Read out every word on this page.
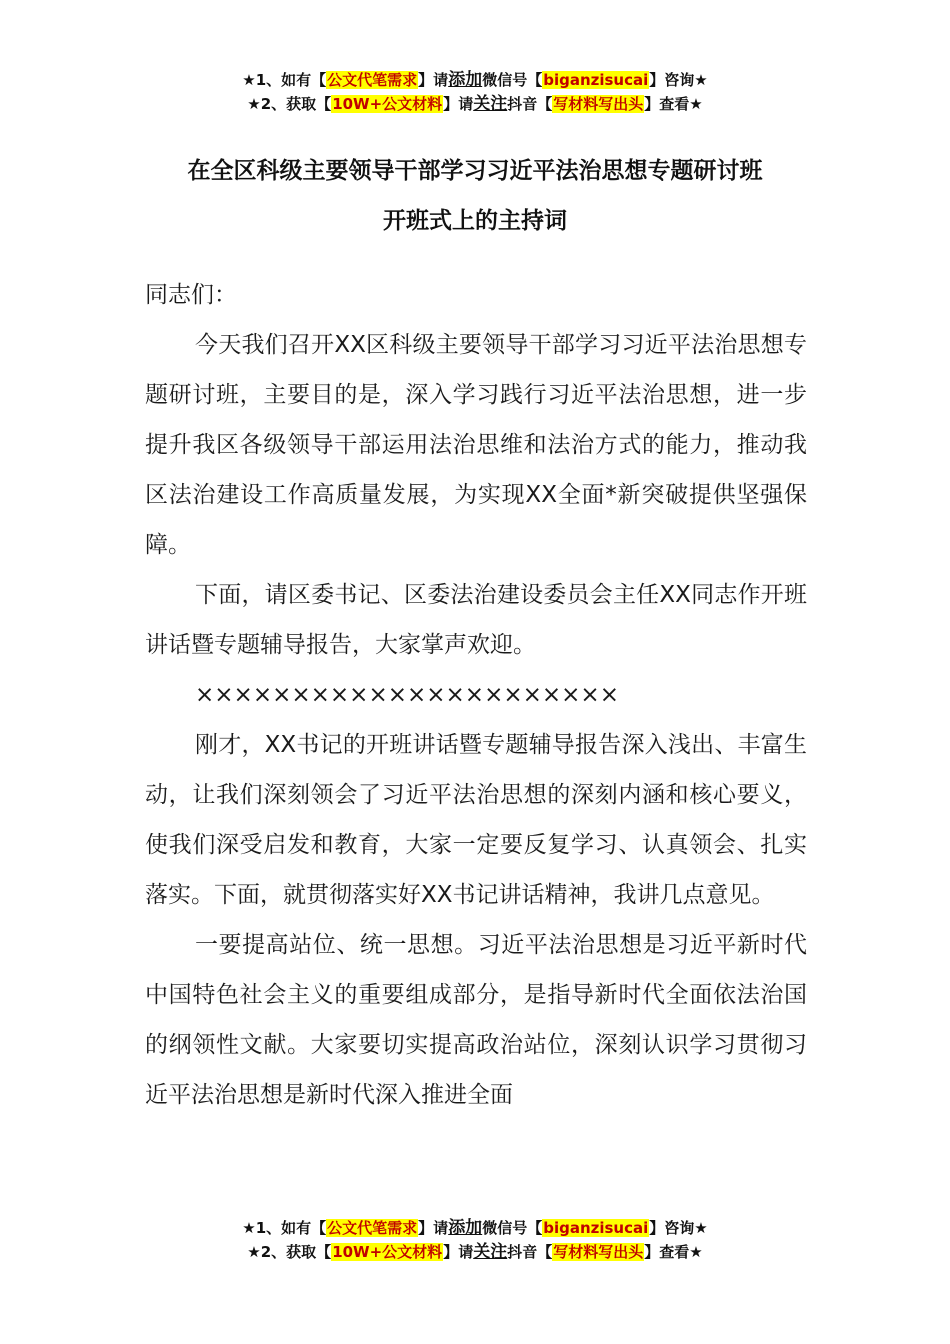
★1、如有【公文代笔需求】请添加微信号【biganzisucai】咨询★
★2、获取【10W+公文材料】请关注抖音【写材料写出头】查看★
在全区科级主要领导干部学习习近平法治思想专题研讨班
开班式上的主持词

同志们：

今天我们召开XX区科级主要领导干部学习习近平法治思想专题研讨班，主要目的是，深入学习践行习近平法治思想，进一步提升我区各级领导干部运用法治思维和法治方式的能力，推动我区法治建设工作高质量发展，为实现XX全面*新突破提供坚强保障。

下面，请区委书记、区委法治建设委员会主任XX同志作开班讲话暨专题辅导报告，大家掌声欢迎。

××××××××××××××××××××××

刚才，XX书记的开班讲话暨专题辅导报告深入浅出、丰富生动，让我们深刻领会了习近平法治思想的深刻内涵和核心要义，使我们深受启发和教育，大家一定要反复学习、认真领会、扎实落实。下面，就贯彻落实好XX书记讲话精神，我讲几点意见。

一要提高站位、统一思想。习近平法治思想是习近平新时代中国特色社会主义的重要组成部分，是指导新时代全面依法治国的纲领性文献。大家要切实提高政治站位，深刻认识学习贯彻习近平法治思想是新时代深入推进全面

★1、如有【公文代笔需求】请添加微信号【biganzisucai】咨询★
★2、获取【10W+公文材料】请关注抖音【写材料写出头】查看★
